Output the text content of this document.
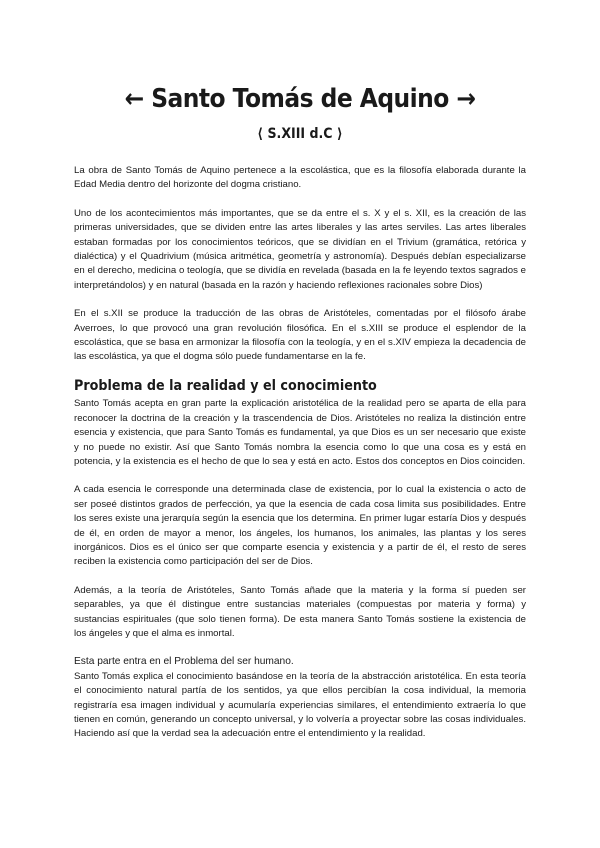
← Santo Tomás de Aquino →
⟨ S.XIII d.C ⟩

La obra de Santo Tomás de Aquino pertenece a la escolástica, que es la filosofía elaborada durante la Edad Media dentro del horizonte del dogma cristiano.

Uno de los acontecimientos más importantes, que se da entre el s. X y el s. XII, es la creación de las primeras universidades, que se dividen entre las artes liberales y las artes serviles. Las artes liberales estaban formadas por los conocimientos teóricos, que se dividían en el Trivium (gramática, retórica y dialéctica) y el Quadrivium (música aritmética, geometría y astronomía). Después debían especializarse en el derecho, medicina o teología, que se dividía en revelada (basada en la fe leyendo textos sagrados e interpretándolos) y en natural (basada en la razón y haciendo reflexiones racionales sobre Dios)

En el s.XII se produce la traducción de las obras de Aristóteles, comentadas por el filósofo árabe Averroes, lo que provocó una gran revolución filosófica. En el s.XIII se produce el esplendor de la escolástica, que se basa en armonizar la filosofía con la teología, y en el s.XIV empieza la decadencia de las escolástica, ya que el dogma sólo puede fundamentarse en la fe.

Problema de la realidad y el conocimiento

Santo Tomás acepta en gran parte la explicación aristotélica de la realidad pero se aparta de ella para reconocer la doctrina de la creación y la trascendencia de Dios. Aristóteles no realiza la distinción entre esencia y existencia, que para Santo Tomás es fundamental, ya que Dios es un ser necesario que existe y no puede no existir. Así que Santo Tomás nombra la esencia como lo que una cosa es y está en potencia, y la existencia es el hecho de que lo sea y está en acto. Estos dos conceptos en Dios coinciden.

A cada esencia le corresponde una determinada clase de existencia, por lo cual la existencia o acto de ser poseé distintos grados de perfección, ya que la esencia de cada cosa limita sus posibilidades. Entre los seres existe una jerarquía según la esencia que los determina. En primer lugar estaría Dios y después de él, en orden de mayor a menor, los ángeles, los humanos, los animales, las plantas y los seres inorgánicos. Dios es el único ser que comparte esencia y existencia y a partir de él, el resto de seres reciben la existencia como participación del ser de Dios.

Además, a la teoría de Aristóteles, Santo Tomás añade que la materia y la forma sí pueden ser separables, ya que él distingue entre sustancias materiales (compuestas por materia y forma) y sustancias espirituales (que solo tienen forma). De esta manera Santo Tomás sostiene la existencia de los ángeles y que el alma es inmortal.

Esta parte entra en el Problema del ser humano.

Santo Tomás explica el conocimiento basándose en la teoría de la abstracción aristotélica. En esta teoría el conocimiento natural partía de los sentidos, ya que ellos percibían la cosa individual, la memoria registraría esa imagen individual y acumularía experiencias similares, el entendimiento extraería lo que tienen en común, generando un concepto universal, y lo volvería a proyectar sobre las cosas individuales. Haciendo así que la verdad sea la adecuación entre el entendimiento y la realidad.
